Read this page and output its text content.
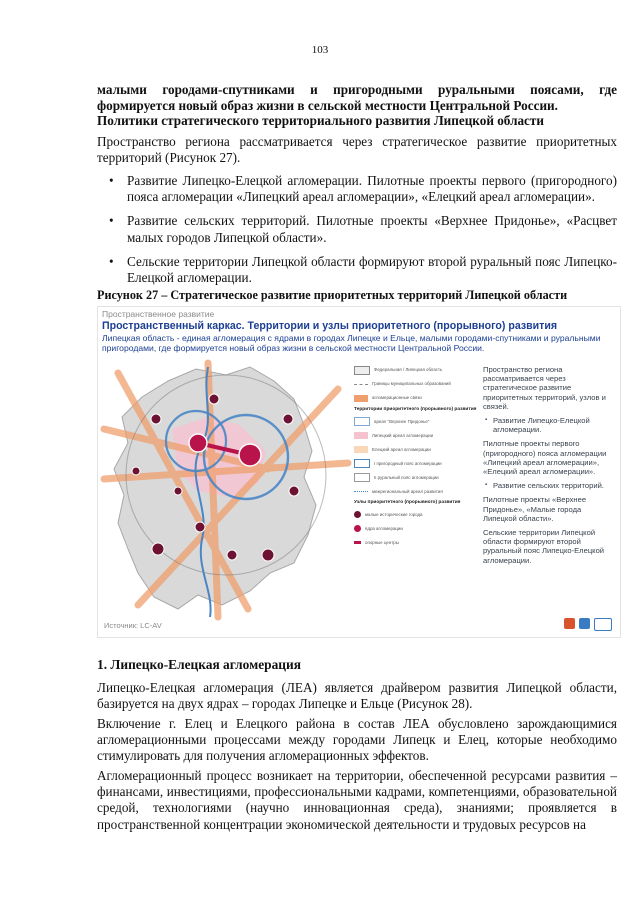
103

малыми городами-спутниками и пригородными руральными поясами, где формируется новый образ жизни в сельской местности Центральной России.

Политики стратегического территориального развития Липецкой области

Пространство региона рассматривается через стратегическое развитие приоритетных территорий (Рисунок 27).

• Развитие Липецко-Елецкой агломерации. Пилотные проекты первого (пригородного) пояса агломерации «Липецкий ареал агломерации», «Елецкий ареал агломерации».
• Развитие сельских территорий. Пилотные проекты «Верхнее Придонье», «Расцвет малых городов Липецкой области».
• Сельские территории Липецкой области формируют второй руральный пояс Липецко-Елецкой агломерации.
Рисунок 27 – Стратегическое развитие приоритетных территорий Липецкой области
Пространственное развитие
Пространственный каркас. Территории и узлы приоритетного (прорывного) развития
Липецкая область - единая агломерация с ядрами в городах Липецке и Ельце, малыми городами-спутниками и руральными пригородами, где формируется новый образ жизни в сельской местности Центральной России.
Федеральная / Липецкая область
Границы муниципальных образований
агломерационные связи
Территории приоритетного (прорывного) развития
ареал "Верхнее Придонье"
Липецкий ареал агломерации
Елецкий ареал агломерации
I пригородный пояс агломерации
II руральный пояс агломерации
межрегиональный ареал развития
Узлы приоритетного (прорывного) развития
малые исторические города
ядра агломерации
опорные центры

Пространство региона рассматривается через стратегическое развитие приоритетных территорий, узлов и связей.

▪ Развитие Липецко-Елецкой агломерации.

Пилотные проекты первого (пригородного) пояса агломерации «Липецкий ареал агломерации», «Елецкий ареал агломерации».

▪ Развитие сельских территорий.

Пилотные проекты «Верхнее Придонье», «Малые города Липецкой области».

Сельские территории Липецкой области формируют второй руральный пояс Липецко-Елецкой агломерации.

Источник: LC-AV
1. Липецко-Елецкая агломерация

Липецко-Елецкая агломерация (ЛЕА) является драйвером развития Липецкой области, базируется на двух ядрах – городах Липецке и Ельце (Рисунок 28).

Включение г. Елец и Елецкого района в состав ЛЕА обусловлено зарождающимися агломерационными процессами между городами Липецк и Елец, которые необходимо стимулировать для получения агломерационных эффектов.

Агломерационный процесс возникает на территории, обеспеченной ресурсами развития – финансами, инвестициями, профессиональными кадрами, компетенциями, образовательной средой, технологиями (научно инновационная среда), знаниями; проявляется в пространственной концентрации экономической деятельности и трудовых ресурсов на
